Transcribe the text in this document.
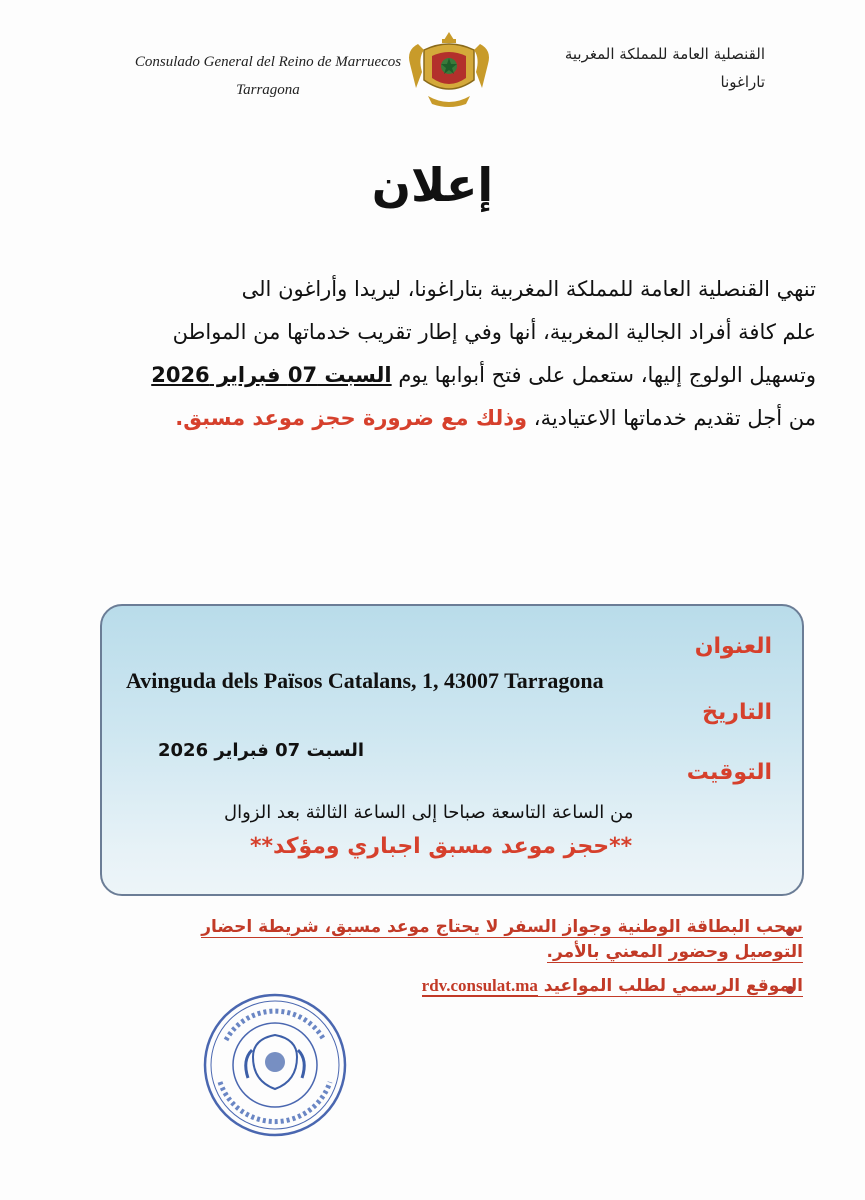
Consulado General del Reino de Marruecos
Tarragona
القنصلية العامة للمملكة المغربية
تاراغونا
إعلان
تنهي القنصلية العامة للمملكة المغربية بتاراغونا، ليريدا وأراغون الى
علم كافة أفراد الجالية المغربية، أنها وفي إطار تقريب خدماتها من المواطن
وتسهيل الولوج إليها، ستعمل على فتح أبوابها يوم السبت 07 فبراير 2026
من أجل تقديم خدماتها الاعتيادية، وذلك مع ضرورة حجز موعد مسبق.
العنوان
التاريخ
التوقيت
Avinguda dels Països Catalans, 1, 43007 Tarragona
السبت 07 فبراير 2026
من الساعة التاسعة صباحا إلى الساعة الثالثة بعد الزوال
**حجز موعد مسبق اجباري ومؤكد**
سحب البطاقة الوطنية وجواز السفر لا يحتاج موعد مسبق، شريطة احضار
التوصيل وحضور المعني بالأمر.
الموقع الرسمي لطلب المواعيد rdv.consulat.ma
